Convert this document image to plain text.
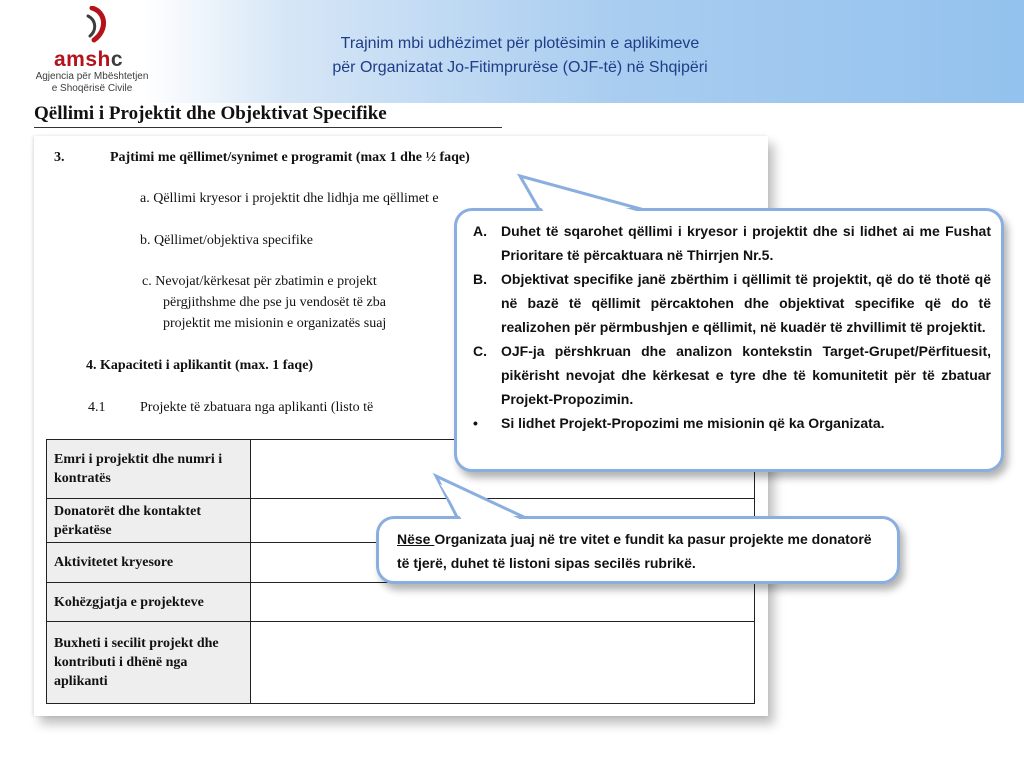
amshc
Agjencia për Mbështetjen
e Shoqërisë Civile
Trajnim mbi udhëzimet për plotësimin e aplikimeve
për Organizatat Jo-Fitimprurëse (OJF-të) në Shqipëri
Qëllimi i Projektit dhe Objektivat Specifike
3.	Pajtimi me qëllimet/synimet e programit (max 1 dhe ½ faqe)
a. Qëllimi kryesor i projektit dhe lidhja me qëllimet e
b. Qëllimet/objektiva specifike
c. Nevojat/kërkesat për zbatimin e projekt
përgjithshme dhe pse ju vendosët të zba
projektit me misionin e organizatës suaj
4. Kapaciteti i aplikantit (max. 1 faqe)
4.1 Projekte të zbatuara nga aplikanti (listo të
Emri i projektit dhe numri i kontratës	
Donatorët dhe kontaktet përkatëse	
Aktivitetet kryesore	
Kohëzgjatja e projekteve	
Buxheti i secilit projekt dhe kontributi i dhënë nga aplikanti	
A. Duhet të sqarohet qëllimi i kryesor i projektit dhe si lidhet ai me Fushat Prioritare të përcaktuara në Thirrjen Nr.5.
B. Objektivat specifike janë zbërthim i qëllimit të projektit, që do të thotë që në bazë të qëllimit përcaktohen dhe objektivat specifike që do të realizohen për përmbushjen e qëllimit, në kuadër të zhvillimit të projektit.
C. OJF-ja përshkruan dhe analizon kontekstin Target-Grupet/Përfituesit, pikërisht nevojat dhe kërkesat e tyre dhe të komunitetit për të zbatuar Projekt-Propozimin.
• Si lidhet Projekt-Propozimi me misionin që ka Organizata.
Nëse Organizata juaj në tre vitet e fundit ka pasur projekte me donatorë të tjerë, duhet të listoni sipas secilës rubrikë.
